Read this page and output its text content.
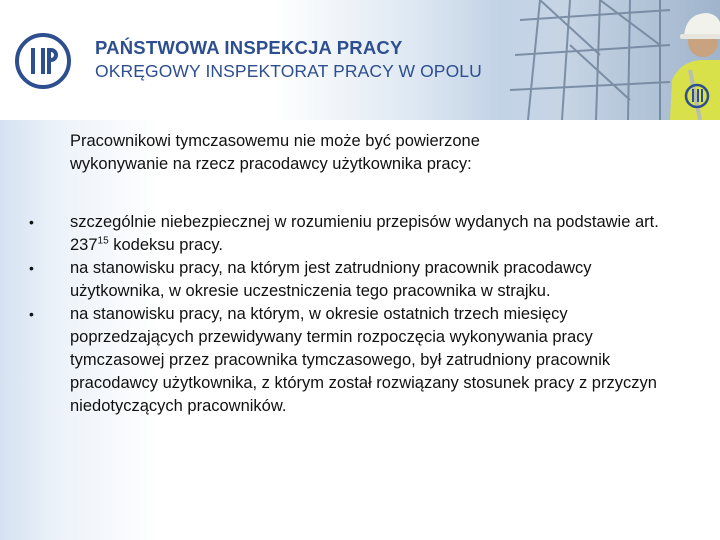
PAŃSTWOWA INSPEKCJA PRACY
OKRĘGOWY INSPEKTORAT PRACY W OPOLU
Pracownikowi tymczasowemu nie może być powierzone
wykonywanie na rzecz pracodawcy użytkownika pracy:
• szczególnie niebezpiecznej w rozumieniu przepisów wydanych na podstawie art. $237^{15}$ kodeksu pracy.
• na stanowisku pracy, na którym jest zatrudniony pracownik pracodawcy użytkownika, w okresie uczestniczenia tego pracownika w strajku.
• na stanowisku pracy, na którym, w okresie ostatnich trzech miesięcy poprzedzających przewidywany termin rozpoczęcia wykonywania pracy tymczasowej przez pracownika tymczasowego, był zatrudniony pracownik pracodawcy użytkownika, z którym został rozwiązany stosunek pracy z przyczyn niedotyczących pracowników.
